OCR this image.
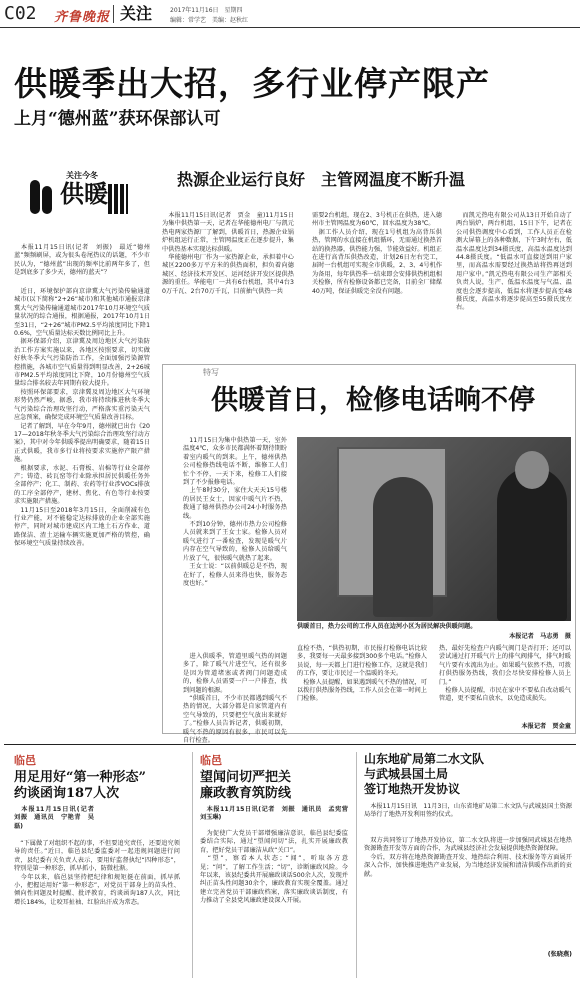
C02 齐鲁晚报 关注	2017年11月16日　星期四
编辑：常学艺　美编：赵秋红
供暖季出大招，多行业停产限产
上月“德州蓝”获环保部认可
关注今冬
供暖
　本报11月15日讯(记者　刘振)　最近“德州蓝”频频刷屏，或为很头卷尾热议的话题，不少市民认为，“德州蓝”出现的频率比前两年多了，但是到底多了多少天，德州的蓝天”？
　近日，环境保护部向京津冀大气污染传输通道城市(以下简称“2+26”城市)和其他城市通报京津冀大气污染传输通道城市2017年10月环境空气质量状况的综合通报，根据通报，2017年10月1日至31日，“2+26”城市PM2.5平均浓度同比下降10.6%，空气质量达标天数比例同比上升。
　据环保部介绍，京津冀及周边地区大气污染防治工作方案实施以来，各地区按照要求，切实做好秋冬季大气污染防治工作，全面加强污染源管控措施，各城市空气质量得到明显改善，2+26城市PM2.5平均浓度同比下降，10月份德州空气质量综合排名较去年同期有较大提升。
　按照环保部要求，京津冀及周边地区大气环境形势仍然严峻，据悉，我市将持续推进秋冬季大气污染综合治理攻坚行动，严格落实重污染天气应急预案，确保完成环境空气质量改善目标。
　记者了解到，早在今年9月，德州就已出台《2017—2018年秋冬季大气污染综合治理攻坚行动方案》，其中对今年供暖季提出明确要求，随着15日正式供暖，我市多行业将按要求实施停产限产措施。
　根据要求，水泥、石膏板、岩棉等行业全部停产；铸造、砖瓦窑等行业除承担居民供暖任务外全部停产；化工、制药、农药等行业涉VOCs排放的工序全部停产，建材、焦化、有色等行业按要求实施限产措施。
　11月15日至2018年3月15日，全面削减有色行业产能，对不能稳定达标排放的企业全部实施停产，同时对城市建成区内工地土石方作业、道路保洁、渣土运输车辆实施更加严格的管控，确保环境空气质量持续改善。
热源企业运行良好　主管网温度不断升温
　本报11月15日讯(记者　贾金　童)11月15日为集中供热第一天，记者在华能德州电厂与凯元热电两家热源厂了解到，供暖首日，热源企业锅炉机组运行正常，主管网温度正在逐步提升，集中供热基本实现达标供暖。
　华能德州电厂作为一家热源企业，承担着中心城区2200多万平方米的供热面积，担负着向德城区、经济技术开发区、运河经济开发区提供热源的重任。华能电厂一共有6台机组，其中4台30万千瓦、2台70万千瓦，目前抽气供热一共
需要2台机组，现在2、3号机正在供热，进入德州市主管网温度为60℃，回水温度为38℃。
　据工作人员介绍，现在1号机组为高背压供热，管网的水直接在机组循环，无需通过换热首站的换热器，供热能力强，节能效益好。机组正在进行高背压供热改造，计划26日左右完工，届时一台机组可实现全市供暖，2、3、4号机作为备用，每年供热季一结束即会安排供热机组相关检修，所有检修设备都已完备，目前全厂储煤40万吨，保证供暖完全没有问题。
　而凯元热电有限公司从13日开始自动了两台锅炉，两台机组，15日下午，记者在公司供热调度中心看到，工作人员正在检测大屏幕上的各种数据，下午3时左右，低温水温度达到34摄氏度，高温水温度达到44.8摄氏度。“低温水可直接送到用户家里，而高温水需要经过换热站将热再送到用户家中。”凯元热电有限公司生产部相关负责人说，生产、低温水温度与气温、温度也会逐步提高，低温水将逐步提高至48摄氏度，高温水将逐步提高至55摄氏度左右。
特写
供暖首日，检修电话响不停
　11月15日为集中供热第一天，室外温度4℃，众多市民都满怀着期待期盼着室内暖气的到来。上午，德州供热公司检修热线电话不断，维修工人们忙个不停，一天下来，检修工人们接到了不少报修电话。
　上午8时30分，家住大天天15号楼的居民王女士，因家中暖气片不热，拨通了德州供热办公司24小时服务热线。
　不到10分钟，德州市热力公司检修人员就来到了王女士家。检修人员对暖气进行了一番检查，发现是暖气片内存在空气导致的，检修人员给暖气片放了气，很快暖气就热了起来。
　王女士说：“以前供暖总是不热，现在好了，检修人员来得也快，服务态度也好。”
　进入供暖季，管道里暖气热的问题多了，除了暖气片进空气，还有很多是因为管道堵塞或者阀门问题造成的，检修人员需要一户一户排查，找到问题的根源。
　“供暖首日，不少市民都遇到暖气不热的情况，大部分都是自家管道内有空气导致的，只要把空气放出来就好了。”检修人员告诉记者，供暖初期，暖气不热的原因有很多，市民可以先自行检查。
供暖首日，热力公司的工作人员在边河小区为居民解决供暖问题。
本报记者　马志勇　摄
直检不热，“供热初期，市民报打检修电话比较多，我要每一天最多接到300多个电话。”检修人员说，每一天都上门进行检修工作，这就是我们的工作，要让市民过一个温暖的冬天。
　检修人员提醒，如果遇到暖气不热的情况，可以拨打供热服务热线，工作人员会在第一时间上门检修。
热，最好先检查户内暖气阀门是否打开；还可以尝试通过打开暖气片上的排气阀排气，排气时暖气片要有水流出为止。如果暖气依然不热，可拨打供热服务热线，我们会尽快安排检修人员上门。”
　检修人员提醒，市民在家中不要私自改动暖气管道，更不要私自放水，以免造成损失。
本报记者　贾金童
临邑
用足用好“第一种形态”
约谈函询187人次
　本报11月15日讯(记者　刘振　通讯员　宁艳青　吴磊)
　“下属做了对组织不起的事，不但要追究责任，还要追究领导的责任。”近日，临邑县纪委监委对一起违规问题进行问责，县纪委有关负责人表示，要用好监督执纪“四种形态”，特别是第一种形态，抓早抓小，防微杜渐。
　今年以来，临邑县坚持把纪律和规矩挺在前面，抓早抓小，把握运用好“第一种形态”，对党员干部身上的苗头性、倾向性问题及时提醒、批评教育，约谈函询187人次，同比增长184%，让咬耳扯袖、红脸出汗成为常态。
临邑
望闻问切严把关
廉政教育筑防线
　本报11月15日讯(记者　刘振　通讯员　孟宪营　刘玉琳)
　为促使广大党员干部增强廉洁意识，临邑县纪委监委结合实际，通过“望闻问切”法，扎实开展廉政教育，把好党员干部廉洁从政“关口”。
　“望”，察看本人状态；“闻”，听取各方意见；“问”，了解工作生活；“切”，诊断廉政风险。今年以来，该县纪委共开展廉政谈话500余人次，发现并纠正苗头性问题30余个，廉政教育实现全覆盖。通过建立完善党员干部廉政档案，落实廉政谈话制度，有力推动了全县党风廉政建设深入开展。
山东地矿局第二水文队
与武城县国土局
签订地热开发协议
　本报11月15日讯　11月3日，山东省地矿局第二水文队与武城县国土资源局举行了地热开发利用签约仪式。
　双方共同签订了地热开发协议，第二水文队将进一步加强同武城县在地热资源勘查开发等方面的合作，为武城县经济社会发展提供地热资源保障。
　今后，双方将在地热资源勘查开发、地热综合利用、技术服务等方面展开深入合作，加快推进地热产业发展，为当地经济发展和清洁供暖作出新的贡献。
(张晓燕)
